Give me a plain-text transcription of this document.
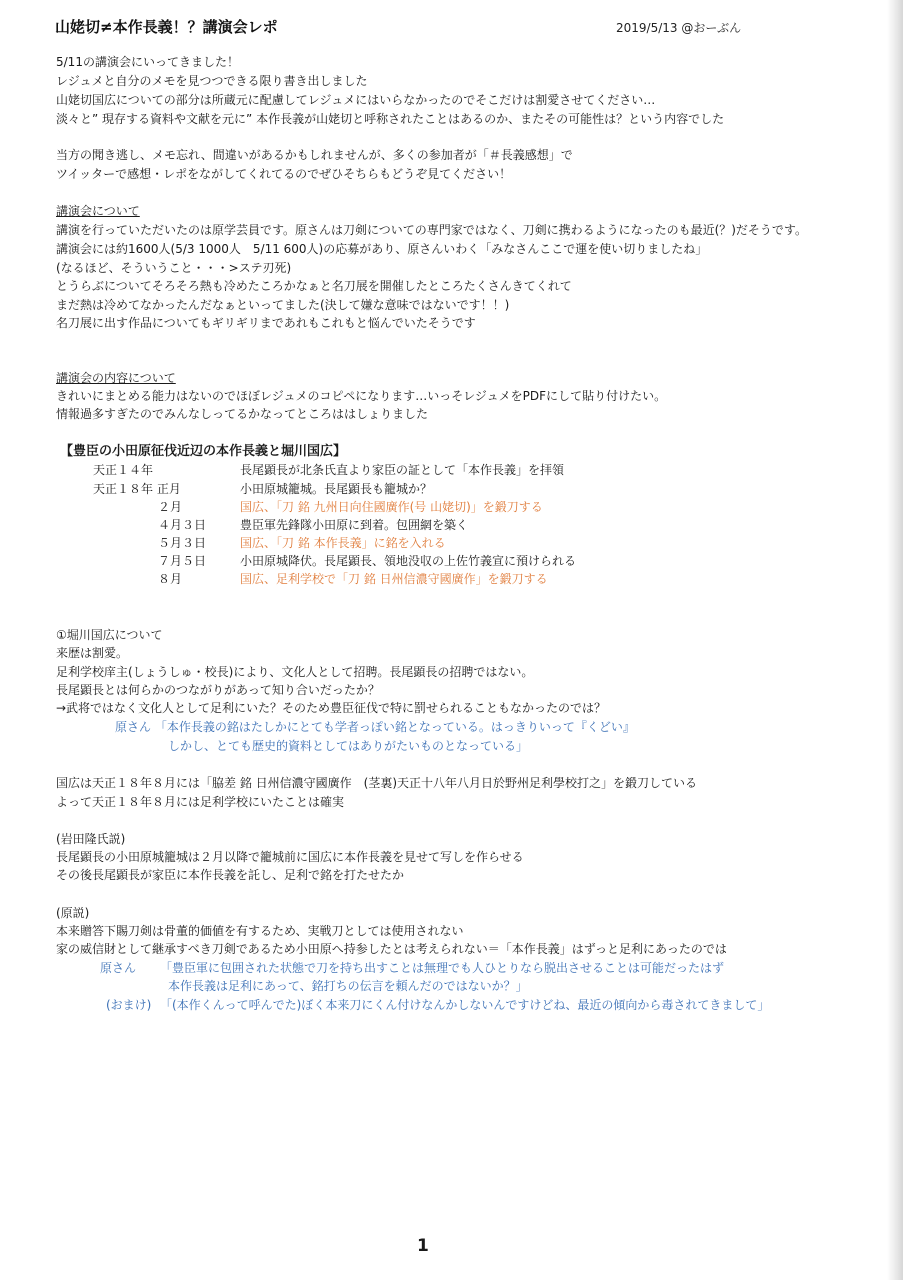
山姥切≠本作長義！？講演会レポ	2019/5/13 @おーぶん
5/11の講演会にいってきました！
レジュメと自分のメモを見つつできる限り書き出しました
山姥切国広についての部分は所蔵元に配慮してレジュメにはいらなかったのでそこだけは割愛させてください…
淡々と” 現存する資料や文献を元に” 本作長義が山姥切と呼称されたことはあるのか、またその可能性は？という内容でした
当方の聞き逃し、メモ忘れ、間違いがあるかもしれませんが、多くの参加者が「＃長義感想」で
ツイッターで感想・レポをながしてくれてるのでぜひそちらもどうぞ見てください！
講演会について
講演を行っていただいたのは原学芸員です。原さんは刀剣についての専門家ではなく、刀剣に携わるようになったのも最近(？)だそうです。
講演会には約1600人(5/3 1000人　5/11 600人)の応募があり、原さんいわく「みなさんここで運を使い切りましたね」
(なるほど、そういうこと・・・>ステ刃死)
とうらぶについてそろそろ熱も冷めたころかなぁと名刀展を開催したところたくさんきてくれて
まだ熱は冷めてなかったんだなぁといってました(決して嫌な意味ではないです！！)
名刀展に出す作品についてもギリギリまであれもこれもと悩んでいたそうです
講演会の内容について
きれいにまとめる能力はないのでほぼレジュメのコピペになります…いっそレジュメをPDFにして貼り付けたい。
情報過多すぎたのでみんなしってるかなってところははしょりました
【豊臣の小田原征伐近辺の本作長義と堀川国広】
天正１４年	長尾顕長が北条氏直より家臣の証として「本作長義」を拝領
天正１８年 正月	小田原城籠城。長尾顕長も籠城か？
２月	国広、「刀 銘 九州日向住國廣作(号 山姥切)」を鍛刀する
４月３日	豊臣軍先鋒隊小田原に到着。包囲網を築く
５月３日	国広、「刀 銘 本作長義」に銘を入れる
７月５日	小田原城降伏。長尾顕長、領地没収の上佐竹義宣に預けられる
８月	国広、足利学校で「刀 銘 日州信濃守國廣作」を鍛刀する
①堀川国広について
来歴は割愛。
足利学校庠主(しょうしゅ・校長)により、文化人として招聘。長尾顕長の招聘ではない。
長尾顕長とは何らかのつながりがあって知り合いだったか？
→武将ではなく文化人として足利にいた？そのため豊臣征伐で特に罰せられることもなかったのでは？
原さん 「本作長義の銘はたしかにとても学者っぽい銘となっている。はっきりいって『くどい』
しかし、とても歴史的資料としてはありがたいものとなっている」
国広は天正１８年８月には「脇差 銘 日州信濃守國廣作　(茎裏)天正十八年八月日於野州足利學校打之」を鍛刀している
よって天正１８年８月には足利学校にいたことは確実
(岩田隆氏説)
長尾顕長の小田原城籠城は２月以降で籠城前に国広に本作長義を見せて写しを作らせる
その後長尾顕長が家臣に本作長義を託し、足利で銘を打たせたか
(原説)
本来贈答下賜刀剣は骨董的価値を有するため、実戦刀としては使用されない
家の威信財として継承すべき刀剣であるため小田原へ持参したとは考えられない＝「本作長義」はずっと足利にあったのでは
原さん 「豊臣軍に包囲された状態で刀を持ち出すことは無理でも人ひとりなら脱出させることは可能だったはず
本作長義は足利にあって、銘打ちの伝言を頼んだのではないか？」
(おまけ) 「(本作くんって呼んでた)ぼく本来刀にくん付けなんかしないんですけどね、最近の傾向から毒されてきまして」
1
